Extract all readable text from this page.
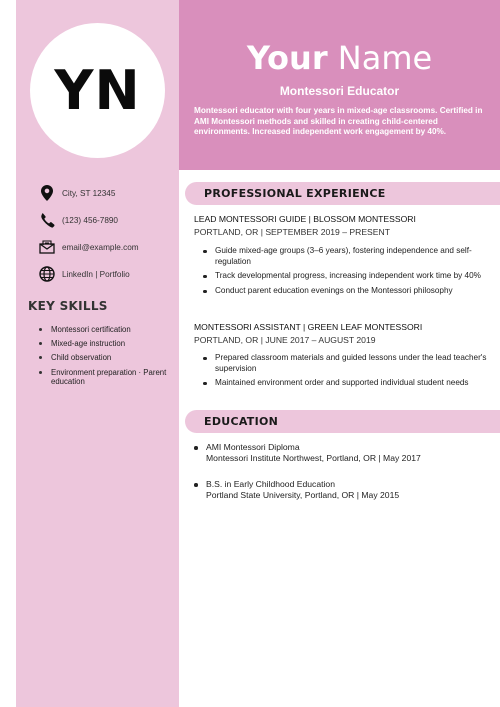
YN
Your Name
Montessori Educator
Montessori educator with four years in mixed-age classrooms. Certified in AMI Montessori methods and skilled in creating child-centered environments. Increased independent work engagement by 40%.
City, ST 12345
(123) 456-7890
email@example.com
LinkedIn | Portfolio
KEY SKILLS
Montessori certification
Mixed-age instruction
Child observation
Environment preparation · Parent education
PROFESSIONAL EXPERIENCE
LEAD MONTESSORI GUIDE | BLOSSOM MONTESSORI
PORTLAND, OR | SEPTEMBER 2019 – PRESENT
Guide mixed-age groups (3–6 years), fostering independence and self-regulation
Track developmental progress, increasing independent work time by 40%
Conduct parent education evenings on the Montessori philosophy
MONTESSORI ASSISTANT | GREEN LEAF MONTESSORI
PORTLAND, OR | JUNE 2017 – AUGUST 2019
Prepared classroom materials and guided lessons under the lead teacher's supervision
Maintained environment order and supported individual student needs
EDUCATION
AMI Montessori Diploma
Montessori Institute Northwest, Portland, OR | May 2017
B.S. in Early Childhood Education
Portland State University, Portland, OR | May 2015
